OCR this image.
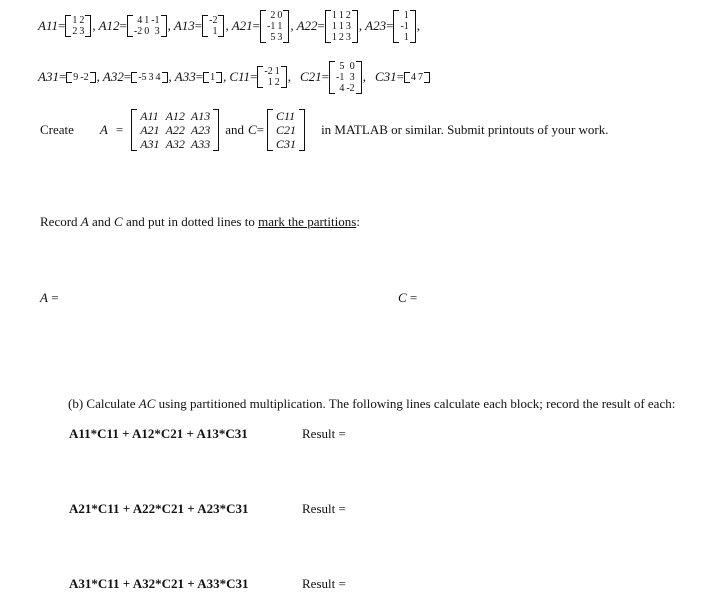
A11 = 1	2
2	3 , A12 = 4	1	-1
-2	0	3 , A13 = -2
1 , A21 =
2	0
-1	1
5	3
, A22 =
1	1	2
1	1	3
1	2	3
, A23 =
1
-1
1
,
A31 = 9	-2 , A32 = -5	3	4 , A33 = 1 , C11 = -2	1
1	2 , C21 =
5	0
-1	3
4	-2
, C31 = 4	7
Create A =
A11	A12	A13
A21	A22	A23
A31	A32	A33
and C =
C11
C21
C31
in MATLAB or similar. Submit printouts of your work.
Record A and C and put in dotted lines to mark the partitions:
A =	C =
(b) Calculate AC using partitioned multiplication. The following lines calculate each block; record the result of each:
A11*C11 + A12*C21 + A13*C31	Result =
A21*C11 + A22*C21 + A23*C31	Result =
A31*C11 + A32*C21 + A33*C31	Result =
